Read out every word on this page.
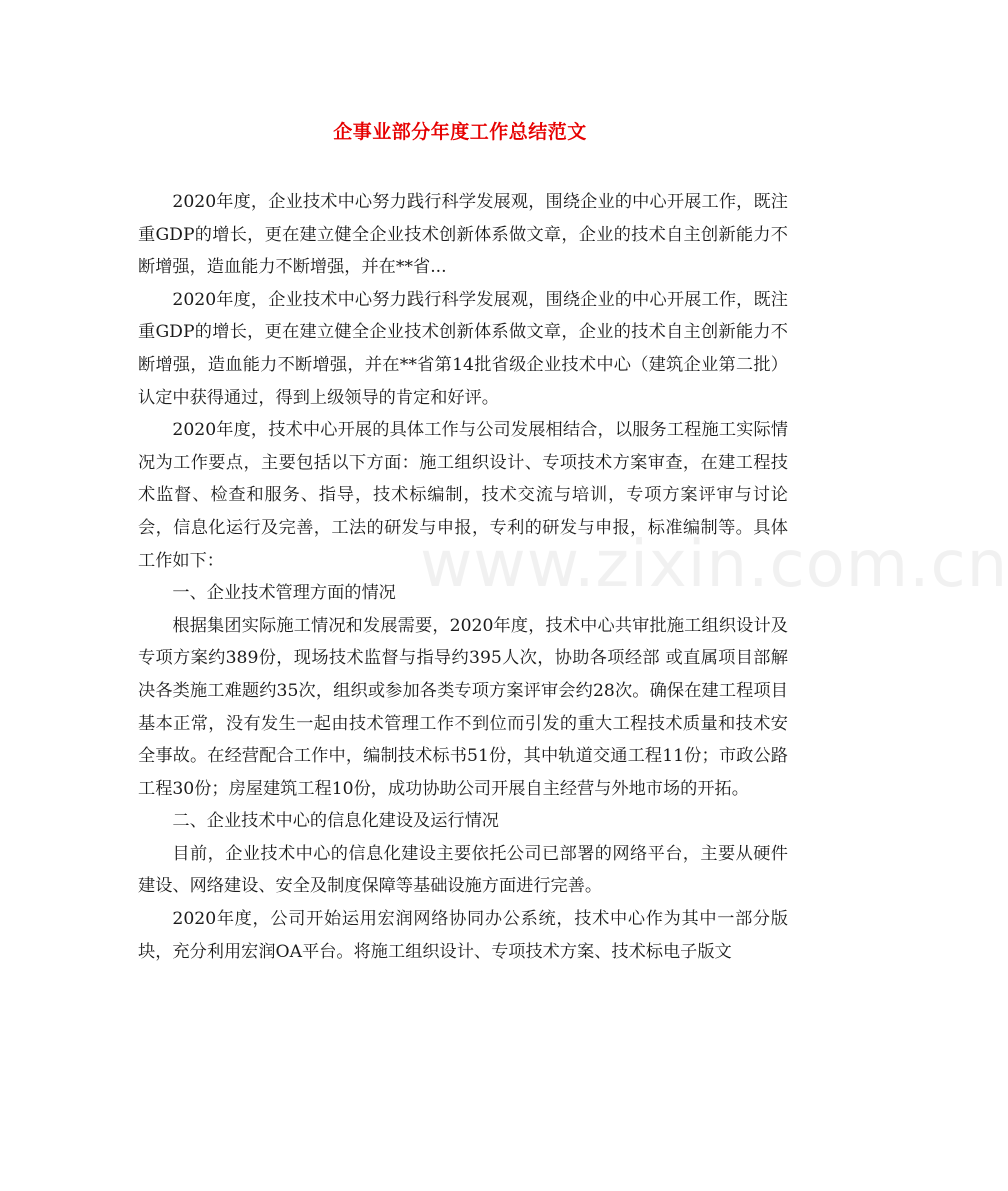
企事业部分年度工作总结范文

2020年度，企业技术中心努力践行科学发展观，围绕企业的中心开展工作，既注重GDP的增长，更在建立健全企业技术创新体系做文章，企业的技术自主创新能力不断增强，造血能力不断增强，并在**省...

2020年度，企业技术中心努力践行科学发展观，围绕企业的中心开展工作，既注重GDP的增长，更在建立健全企业技术创新体系做文章，企业的技术自主创新能力不断增强，造血能力不断增强，并在**省第14批省级企业技术中心（建筑企业第二批）认定中获得通过，得到上级领导的肯定和好评。

2020年度，技术中心开展的具体工作与公司发展相结合，以服务工程施工实际情况为工作要点，主要包括以下方面：施工组织设计、专项技术方案审查，在建工程技术监督、检查和服务、指导，技术标编制，技术交流与培训，专项方案评审与讨论会，信息化运行及完善，工法的研发与申报，专利的研发与申报，标准编制等。具体工作如下：

一、企业技术管理方面的情况

根据集团实际施工情况和发展需要，2020年度，技术中心共审批施工组织设计及专项方案约389份，现场技术监督与指导约395人次，协助各项经部 或直属项目部解决各类施工难题约35次，组织或参加各类专项方案评审会约28次。确保在建工程项目基本正常，没有发生一起由技术管理工作不到位而引发的重大工程技术质量和技术安全事故。在经营配合工作中，编制技术标书51份，其中轨道交通工程11份；市政公路工程30份；房屋建筑工程10份，成功协助公司开展自主经营与外地市场的开拓。

二、企业技术中心的信息化建设及运行情况

目前，企业技术中心的信息化建设主要依托公司已部署的网络平台，主要从硬件建设、网络建设、安全及制度保障等基础设施方面进行完善。

2020年度，公司开始运用宏润网络协同办公系统，技术中心作为其中一部分版块，充分利用宏润OA平台。将施工组织设计、专项技术方案、技术标电子版文

www.zixin.com.cn
